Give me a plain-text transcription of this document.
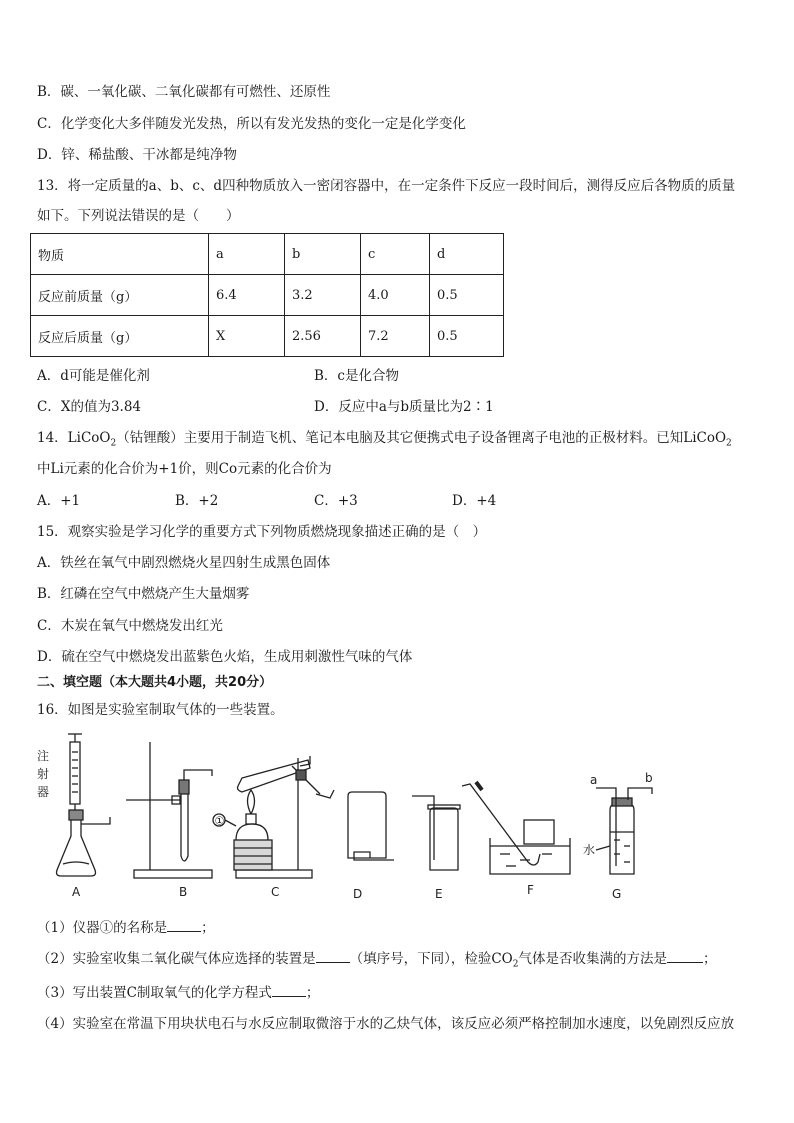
B．碳、一氧化碳、二氧化碳都有可燃性、还原性
C．化学变化大多伴随发光发热，所以有发光发热的变化一定是化学变化
D．锌、稀盐酸、干冰都是纯净物
13．将一定质量的a、b、c、d四种物质放入一密闭容器中，在一定条件下反应一段时间后，测得反应后各物质的质量
如下。下列说法错误的是（　　）
物质	a	b	c	d
反应前质量（g）	6.4	3.2	4.0	0.5
反应后质量（g）	X	2.56	7.2	0.5
A．d可能是催化剂	B．c是化合物
C．X的值为3.84	D．反应中a与b质量比为2∶1
14．LiCoO$_2$（钴锂酸）主要用于制造飞机、笔记本电脑及其它便携式电子设备锂离子电池的正极材料。已知LiCoO$_2$
中Li元素的化合价为+1价，则Co元素的化合价为
A．+1	B．+2	C．+3	D．+4
15．观察实验是学习化学的重要方式下列物质燃烧现象描述正确的是（　）
A．铁丝在氧气中剧烈燃烧火星四射生成黑色固体
B．红磷在空气中燃烧产生大量烟雾
C．木炭在氧气中燃烧发出红光
D．硫在空气中燃烧发出蓝紫色火焰，生成用刺激性气味的气体
二、填空题（本大题共4小题，共20分）
16．如图是实验室制取气体的一些装置。
注
射
器
A	B
①
C	D	E	F
a	b
水
G
（1）仪器①的名称是	；
（2）实验室收集二氧化碳气体应选择的装置是	（填序号，下同），检验$CO_2$气体是否收集满的方法是	；
（3）写出装置C制取氧气的化学方程式	；
（4）实验室在常温下用块状电石与水反应制取微溶于水的乙炔气体，该反应必须严格控制加水速度，以免剧烈反应放
